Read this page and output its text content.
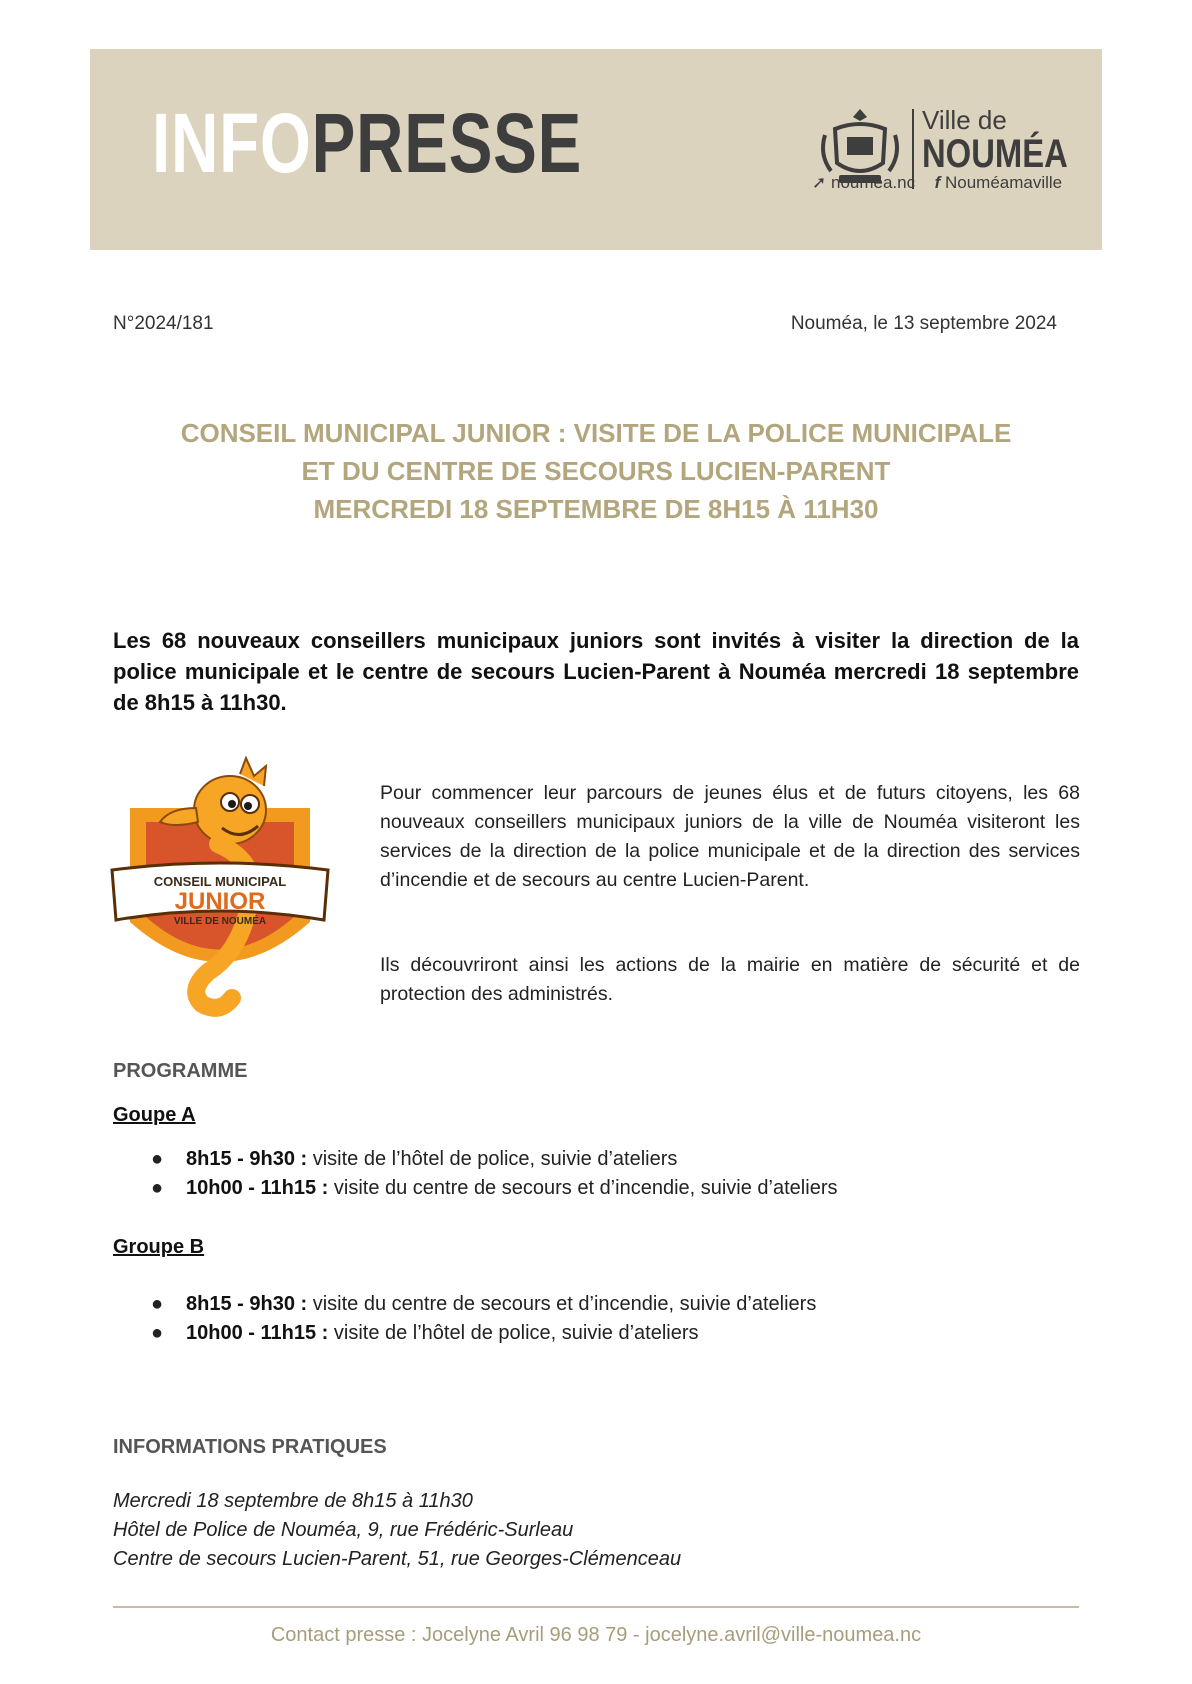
INFOPRESSE	Ville de
NOUMÉA
➚ noumea.nc f Nouméamaville
N°2024/181	Nouméa, le 13 septembre 2024
CONSEIL MUNICIPAL JUNIOR : VISITE DE LA POLICE MUNICIPALE
ET DU CENTRE DE SECOURS LUCIEN-PARENT
MERCREDI 18 SEPTEMBRE DE 8H15 À 11H30
Les 68 nouveaux conseillers municipaux juniors sont invités à visiter la direction de la police municipale et le centre de secours Lucien-Parent à Nouméa mercredi 18 septembre de 8h15 à 11h30.
CONSEIL MUNICIPAL
JUNIOR
VILLE DE NOUMÉA
Pour commencer leur parcours de jeunes élus et de futurs citoyens, les 68 nouveaux conseillers municipaux juniors de la ville de Nouméa visiteront les services de la direction de la police municipale et de la direction des services d’incendie et de secours au centre Lucien-Parent.
Ils découvriront ainsi les actions de la mairie en matière de sécurité et de protection des administrés.
PROGRAMME
Goupe A
● 8h15 - 9h30 : visite de l’hôtel de police, suivie d’ateliers
● 10h00 - 11h15 : visite du centre de secours et d’incendie, suivie d’ateliers
Groupe B
● 8h15 - 9h30 : visite du centre de secours et d’incendie, suivie d’ateliers
● 10h00 - 11h15 : visite de l’hôtel de police, suivie d’ateliers
INFORMATIONS PRATIQUES
Mercredi 18 septembre de 8h15 à 11h30
Hôtel de Police de Nouméa, 9, rue Frédéric-Surleau
Centre de secours Lucien-Parent, 51, rue Georges-Clémenceau
Contact presse : Jocelyne Avril 96 98 79 - jocelyne.avril@ville-noumea.nc
